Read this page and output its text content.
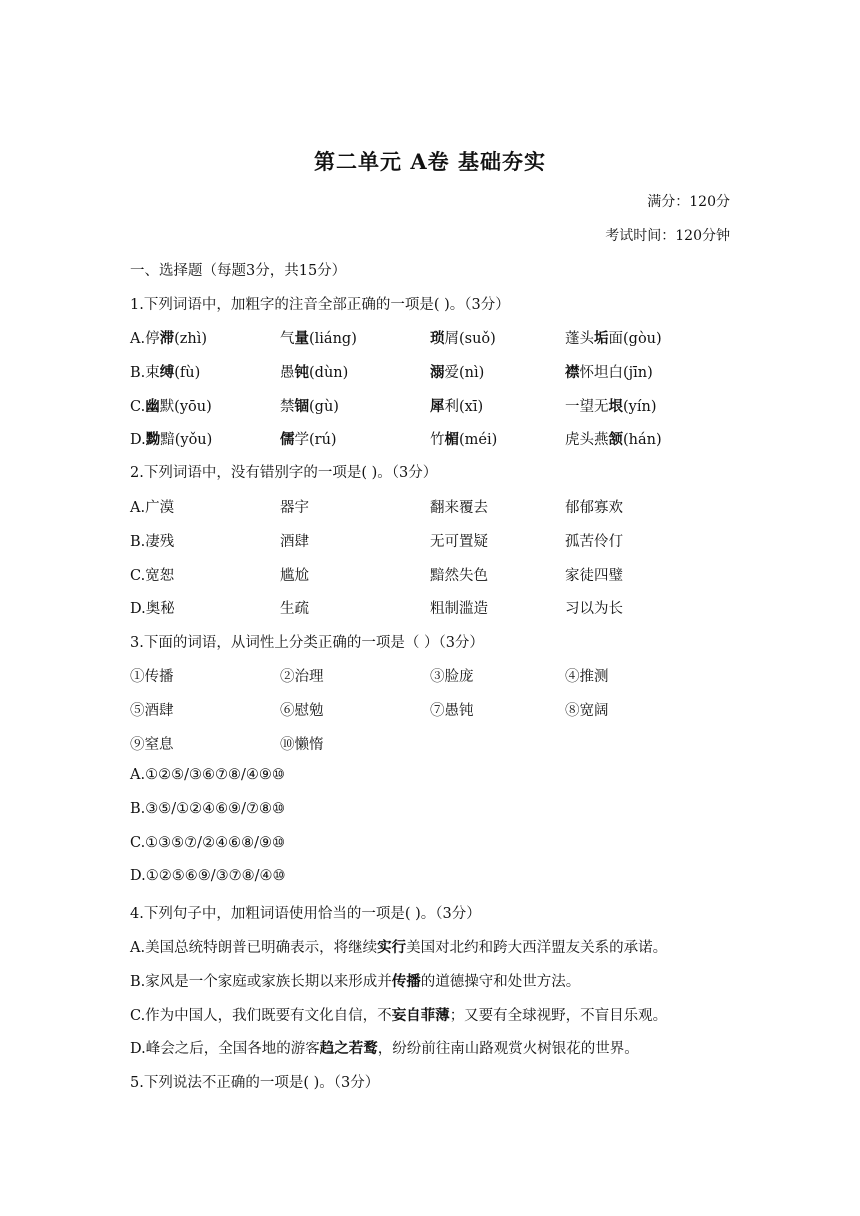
第二单元 A卷 基础夯实
满分：120分
考试时间：120分钟
一、选择题（每题3分，共15分）
1.下列词语中，加粗字的注音全部正确的一项是( )。（3分）
A.停滞(zhì)	气量(liáng)	琐屑(suǒ)	蓬头垢面(gòu)
B.束缚(fù)	愚钝(dùn)	溺爱(nì)	襟怀坦白(jīn)
C.幽默(yōu)	禁锢(gù)	犀利(xī)	一望无垠(yín)
D.黝黯(yǒu)	儒学(rú)	竹楣(méi)	虎头燕颔(hán)
2.下列词语中，没有错别字的一项是( )。（3分）
A.广漠	器宇	翻来覆去	郁郁寡欢
B.凄残	酒肆	无可置疑	孤苦伶仃
C.宽恕	尴尬	黯然失色	家徒四璧
D.奥秘	生疏	粗制滥造	习以为长
3.下面的词语，从词性上分类正确的一项是（ ）（3分）
①传播	②治理	③脸庞	④推测
⑤酒肆	⑥慰勉	⑦愚钝	⑧宽阔
⑨窒息	⑩懒惰
A.①②⑤/③⑥⑦⑧/④⑨⑩
B.③⑤/①②④⑥⑨/⑦⑧⑩
C.①③⑤⑦/②④⑥⑧/⑨⑩
D.①②⑤⑥⑨/③⑦⑧/④⑩
4.下列句子中，加粗词语使用恰当的一项是( )。（3分）
A.美国总统特朗普已明确表示，将继续实行美国对北约和跨大西洋盟友关系的承诺。
B.家风是一个家庭或家族长期以来形成并传播的道德操守和处世方法。
C.作为中国人，我们既要有文化自信，不妄自菲薄；又要有全球视野，不盲目乐观。
D.峰会之后，全国各地的游客趋之若鹜，纷纷前往南山路观赏火树银花的世界。
5.下列说法不正确的一项是( )。（3分）
